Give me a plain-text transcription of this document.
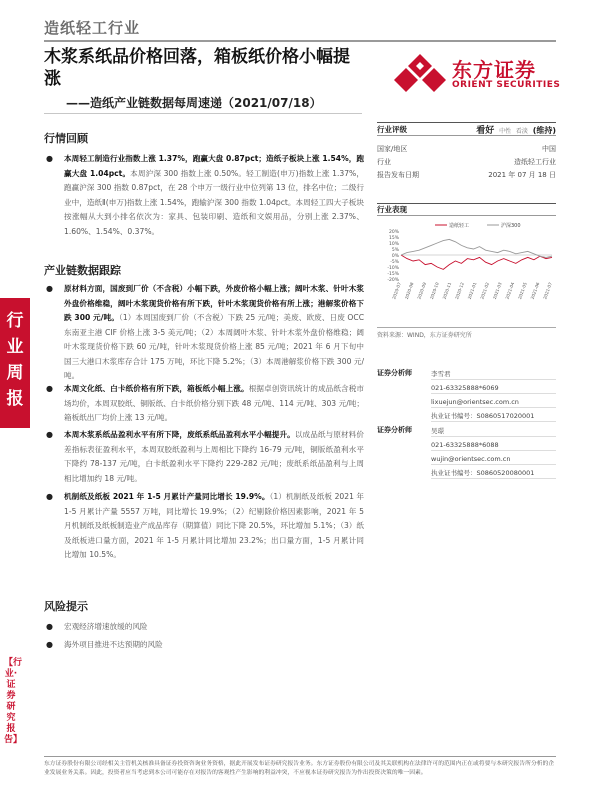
造纸轻工行业
木浆系纸品价格回落，箱板纸价格小幅提涨
——造纸产业链数据每周速递（2021/07/18）
东方证券
ORIENT SECURITIES
行业周报
【行业·证券研究报告】
行情回顾
●	本周轻工制造行业指数上涨 1.37%，跑赢大盘 0.87pct；造纸子板块上涨 1.54%，跑赢大盘 1.04pct。本周沪深 300 指数上涨 0.50%。轻工制造(申万)指数上涨 1.37%，跑赢沪深 300 指数 0.87pct，在 28 个申万一级行业中位列第 13 位，排名中位；二级行业中，造纸Ⅱ(申万)指数上涨 1.54%，跑输沪深 300 指数 1.04pct。本周轻工四大子板块按涨幅从大到小排名依次为：家具、包装印刷、造纸和文娱用品，分别上涨 2.37%、1.60%、1.54%、0.37%。
产业链数据跟踪
●	原材料方面，国废到厂价（不含税）小幅下跌，外废价格小幅上涨；阔叶木浆、针叶木浆外盘价格维稳，阔叶木浆现货价格有所下跌，针叶木浆现货价格有所上涨；港解浆价格下跌 300 元/吨。（1）本周国废到厂价（不含税）下跌 25 元/吨；美废、欧废、日废 OCC 东南亚主港 CIF 价格上涨 3-5 美元/吨；（2）本周阔叶木浆、针叶木浆外盘价格维稳；阔叶木浆现货价格下跌 60 元/吨，针叶木浆现货价格上涨 85 元/吨；2021 年 6 月下旬中国三大港口木浆库存合计 175 万吨，环比下降 5.2%；（3）本周港解浆价格下跌 300 元/吨。
●	本周文化纸、白卡纸价格有所下跌，箱板纸小幅上涨。根据卓创资讯统计的成品纸含税市场均价，本周双胶纸、铜版纸、白卡纸价格分别下跌 48 元/吨、114 元/吨、303 元/吨；箱板纸出厂均价上涨 13 元/吨。
●	本周木浆系纸品盈利水平有所下降，废纸系纸品盈利水平小幅提升。以成品纸与原材料价差指标表征盈利水平，本周双胶纸盈利与上周相比下降约 16-79 元/吨，铜版纸盈利水平下降约 78-137 元/吨，白卡纸盈利水平下降约 229-282 元/吨；废纸系纸品盈利与上周相比增加约 18 元/吨。
●	机制纸及纸板 2021 年 1-5 月累计产量同比增长 19.9%。（1）机制纸及纸板 2021 年 1-5 月累计产量 5557 万吨，同比增长 19.9%；（2）纪剔除价格因素影响，2021 年 5 月机制纸及纸板制造业产成品库存（期算值）同比下降 20.5%，环比增加 5.1%；（3）纸及纸板进口量方面，2021 年 1-5 月累计同比增加 23.2%；出口量方面，1-5 月累计同比增加 10.5%。
风险提示
●	宏观经济增速放缓的风险
●	海外项目推进不达预期的风险
行业评级	看好 中性 看淡 (维持)
国家/地区	中国
行业	造纸轻工行业
报告发布日期	2021 年 07 月 18 日
行业表现
20%
15%
10%
5%
0%
-5%
-10%
-15%
-20%
造纸轻工	沪深300
2020-07 2020-08 2020-09 2020-10 2020-11 2020-12 2021-01 2021-02 2021-03 2021-04 2021-05 2021-06 2021-07
资料来源：WIND，东方证券研究所
证券分析师	李雪君
021-63325888*6069
lixuejun@orientsec.com.cn
执业证书编号：S0860517020001
证券分析师	吴璟
021-63325888*6088
wujin@orientsec.com.cn
执业证书编号：S0860520080001
东方证券股份有限公司经相关主管机关核准具备证券投资咨询业务资格，据此开展发布证券研究报告业务。东方证券股份有限公司及其关联机构在法律许可的范围内正在或将要与本研究报告所分析的企业发展业务关系。因此，投资者应当考虑到本公司可能存在对报告的客观性产生影响的利益冲突，不应视本证券研究报告为作出投资决策的唯一因素。
